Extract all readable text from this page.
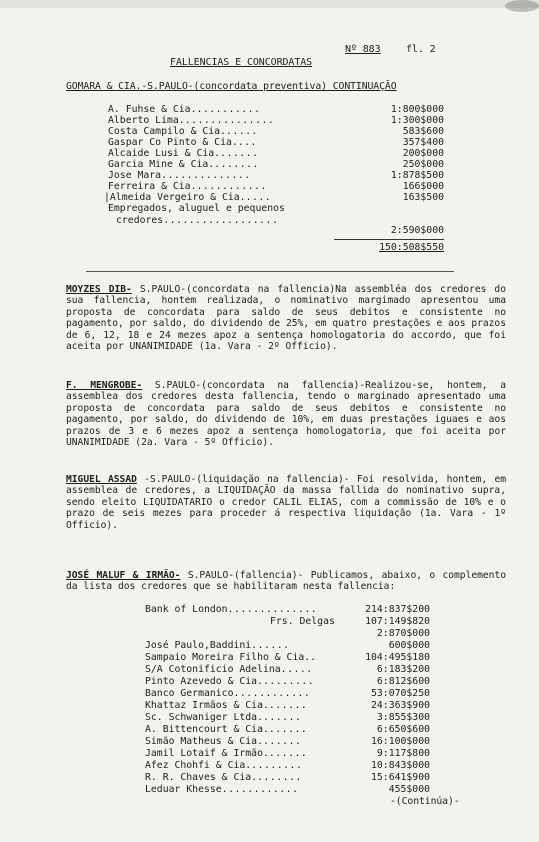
FALLENCIAS E CONCORDATAS
Nº 883	fl. 2
GOMARA & CIA.-S.PAULO-(concordata preventiva) CONTINUAÇÃO
A. Fuhse & Cia...........	1:800$000
Alberto Lima...............	1:300$000
Costa Campilo & Cia......	583$600
Gaspar Co Pinto & Cia....	357$400
Alcaide Lusi & Cia.......	200$000
Garcia Mine & Cia........	250$000
Jose Mara..............	1:878$500
Ferreira & Cia............	166$000
|Almeida Vergeiro & Cia.....	163$500
Empregados, aluguel e pequenos
credores..................
2:590$000
150:508$550
MOYZES DIB- S.PAULO-(concordata na fallencia)Na assembléa dos credores do sua fallencia, hontem realizada, o nominativo margimado apresentou uma proposta de concordata para saldo de seus debitos e consistente no pagamento, por saldo, do dividendo de 25%, em quatro prestações e aos prazos de 6, 12, 18 e 24 mezes apoz a sentença homologatoria do accordo, que foi aceita por UNANIMIDADE (1a. Vara - 2º Officio).
F. MENGROBE- S.PAULO-(concordata na fallencia)-Realizou-se, hontem, a assemblea dos credores desta fallencia, tendo o marginado apresentado uma proposta de concordata para saldo de seus debitos e consistente no pagamento, por saldo, do dividendo de 10%, em duas prestações iguaes e aos prazos de 3 e 6 mezes apoz a sentença homologatoria, que foi aceita por UNANIMIDADE (2a. Vara - 5º Officio).
MIGUEL ASSAD -S.PAULO-(liquidação na fallencia)- Foi resolvida, hontem, em assemblea de credores, a LIQUIDAÇÃO da massa fallida do nominativo supra, sendo eleito LIQUIDATARIO o credor CALIL ELIAS, com a commissão de 10% e o prazo de seis mezes para proceder á respectiva liquidação (1a. Vara - 1º Officio).
JOSÉ MALUF & IRMÃO- S.PAULO-(fallencia)- Publicamos, abaixo, o complemento da lista dos credores que se habilitaram nesta fallencia:
Bank of London..............	214:837$200
Frs. Delgas	107:149$820
2:870$000
José Paulo,Baddini......	600$000
Sampaio Moreira Filho & Cia..	104:495$180
S/A Cotonificio Adelina.....	6:183$200
Pinto Azevedo & Cia.........	6:812$600
Banco Germanico............	53:070$250
Khattaz Irmãos & Cia.......	24:363$900
Sc. Schwaniger Ltda.......	3:855$300
A. Bittencourt & Cia.......	6:650$600
Simão Matheus & Cia.......	16:100$000
Jamil Lotaif & Irmão.......	9:117$800
Afez Chohfi & Cia.........	10:843$000
R. R. Chaves & Cia........	15:641$900
Leduar Khesse............	455$000
-(Continúa)-
